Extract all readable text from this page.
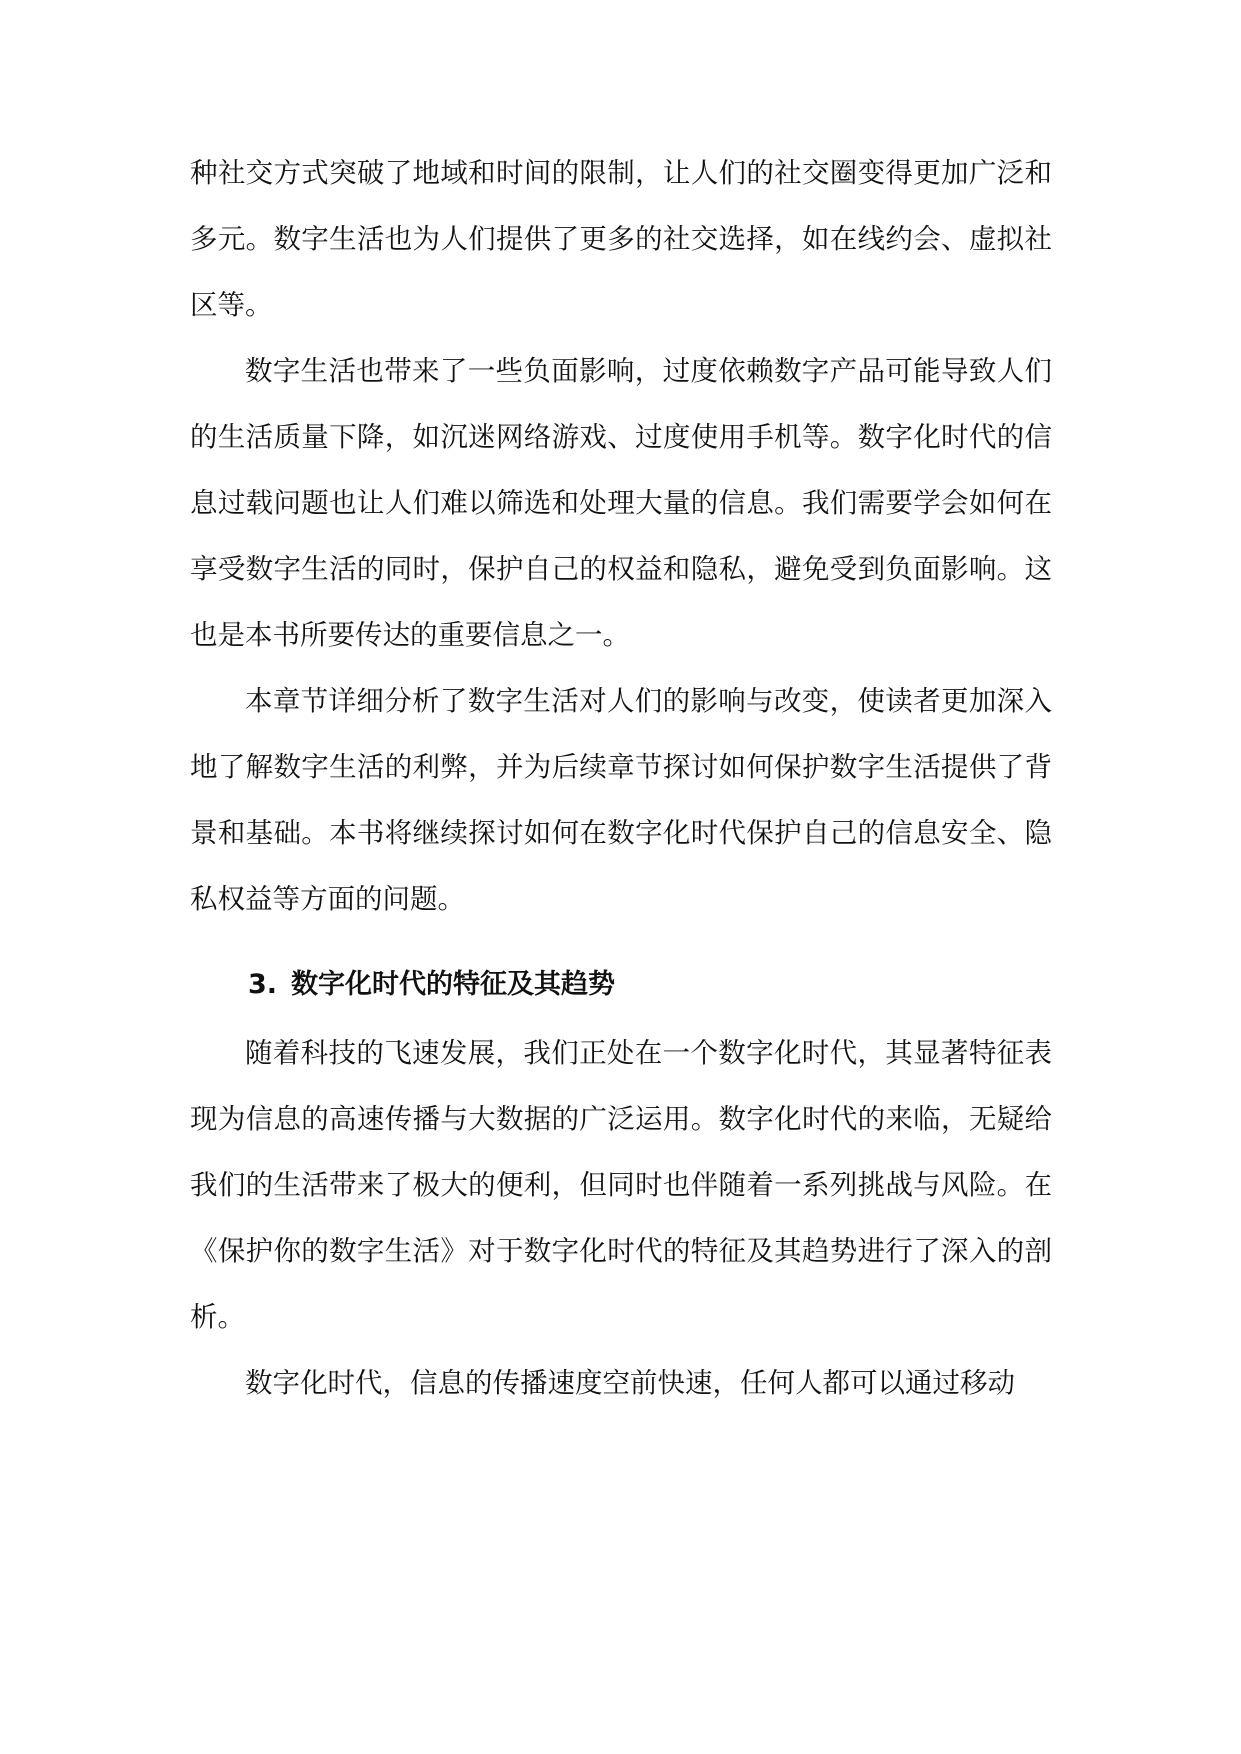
种社交方式突破了地域和时间的限制，让人们的社交圈变得更加广泛和多元。数字生活也为人们提供了更多的社交选择，如在线约会、虚拟社区等。

数字生活也带来了一些负面影响，过度依赖数字产品可能导致人们的生活质量下降，如沉迷网络游戏、过度使用手机等。数字化时代的信息过载问题也让人们难以筛选和处理大量的信息。我们需要学会如何在享受数字生活的同时，保护自己的权益和隐私，避免受到负面影响。这也是本书所要传达的重要信息之一。

本章节详细分析了数字生活对人们的影响与改变，使读者更加深入地了解数字生活的利弊，并为后续章节探讨如何保护数字生活提供了背景和基础。本书将继续探讨如何在数字化时代保护自己的信息安全、隐私权益等方面的问题。

3. 数字化时代的特征及其趋势

随着科技的飞速发展，我们正处在一个数字化时代，其显著特征表现为信息的高速传播与大数据的广泛运用。数字化时代的来临，无疑给我们的生活带来了极大的便利，但同时也伴随着一系列挑战与风险。在《保护你的数字生活》对于数字化时代的特征及其趋势进行了深入的剖析。

数字化时代，信息的传播速度空前快速，任何人都可以通过移动
